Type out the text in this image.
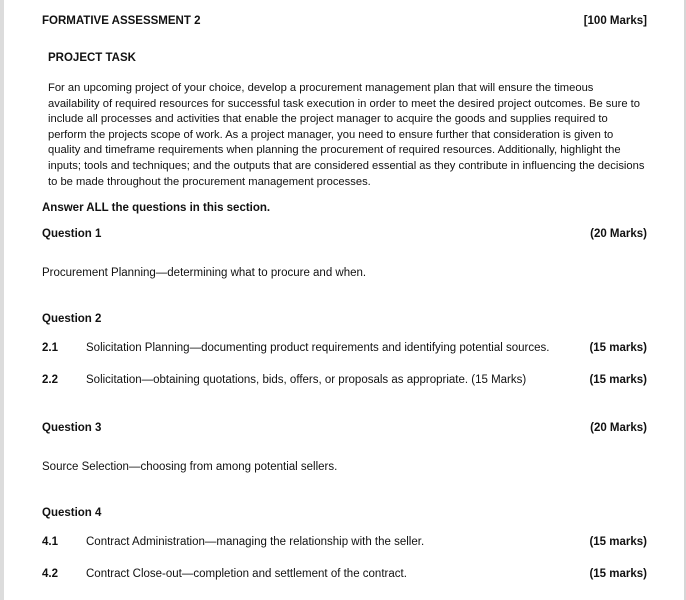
FORMATIVE ASSESSMENT 2	[100 Marks]
PROJECT TASK
For an upcoming project of your choice, develop a procurement management plan that will ensure the timeous availability of required resources for successful task execution in order to meet the desired project outcomes. Be sure to include all processes and activities that enable the project manager to acquire the goods and supplies required to perform the projects scope of work. As a project manager, you need to ensure further that consideration is given to quality and timeframe requirements when planning the procurement of required resources. Additionally, highlight the inputs; tools and techniques; and the outputs that are considered essential as they contribute in influencing the decisions to be made throughout the procurement management processes.
Answer ALL the questions in this section.
Question 1	(20 Marks)
Procurement Planning—determining what to procure and when.
Question 2
2.1 Solicitation Planning—documenting product requirements and identifying potential sources.	(15 marks)
2.2 Solicitation—obtaining quotations, bids, offers, or proposals as appropriate. (15 Marks)	(15 marks)
Question 3	(20 Marks)
Source Selection—choosing from among potential sellers.
Question 4
4.1 Contract Administration—managing the relationship with the seller.	(15 marks)
4.2 Contract Close-out—completion and settlement of the contract.	(15 marks)
